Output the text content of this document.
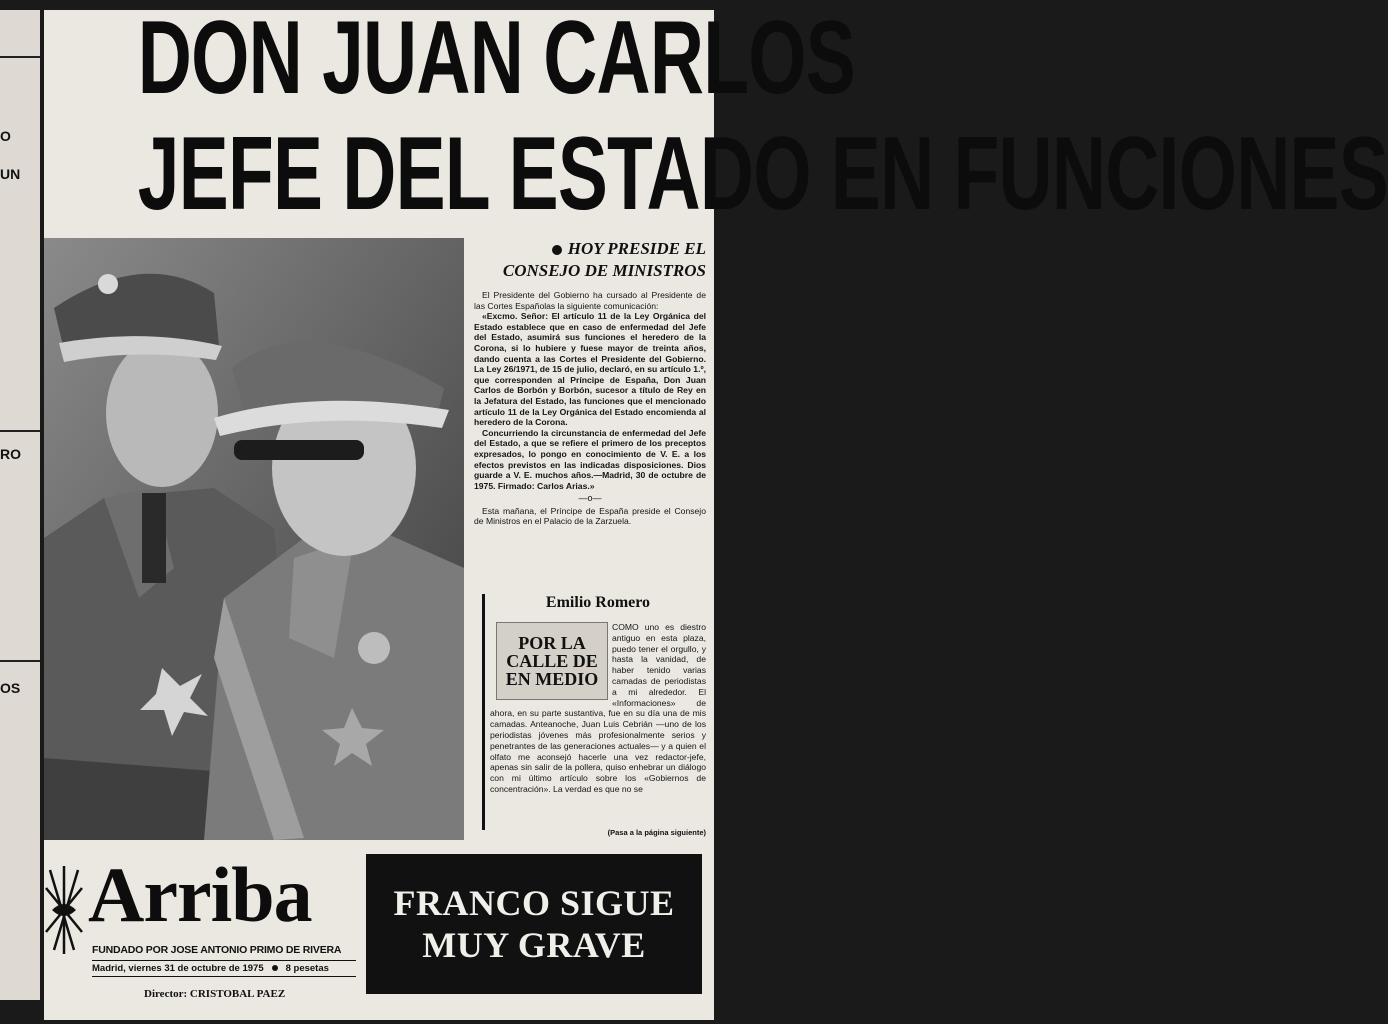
O
UN
RO
OS
DON JUAN CARLOS
JEFE DEL ESTADO EN FUNCIONES
HOY PRESIDE EL
CONSEJO DE MINISTROS

El Presidente del Gobierno ha cursado al Presidente de las Cortes Españolas la siguiente comunicación:

«Excmo. Señor: El artículo 11 de la Ley Orgánica del Estado establece que en caso de enfermedad del Jefe del Estado, asumirá sus funciones el heredero de la Corona, si lo hubiere y fuese mayor de treinta años, dando cuenta a las Cortes el Presidente del Gobierno. La Ley 26/1971, de 15 de julio, declaró, en su artículo 1.º, que corresponden al Príncipe de España, Don Juan Carlos de Borbón y Borbón, sucesor a título de Rey en la Jefatura del Estado, las funciones que el mencionado artículo 11 de la Ley Orgánica del Estado encomienda al heredero de la Corona.

Concurriendo la circunstancia de enfermedad del Jefe del Estado, a que se refiere el primero de los preceptos expresados, lo pongo en conocimiento de V. E. a los efectos previstos en las indicadas disposiciones. Dios guarde a V. E. muchos años.—Madrid, 30 de octubre de 1975. Firmado: Carlos Arias.»

—o—

Esta mañana, el Príncipe de España preside el Consejo de Ministros en el Palacio de la Zarzuela.

Emilio Romero
POR LA
CALLE DE
EN MEDIO
COMO uno es diestro antiguo en esta plaza, puedo tener el orgullo, y hasta la vanidad, de haber tenido varias camadas de periodistas a mi alrededor. El «Informaciones» de ahora, en su parte sustantiva, fue en su día una de mis camadas. Anteanoche, Juan Luis Cebrián —uno de los periodistas jóvenes más profesionalmente serios y penetrantes de las generaciones actuales— y a quien el olfato me aconsejó hacerle una vez redactor-jefe, apenas sin salir de la pollera, quiso enhebrar un diálogo con mi último artículo sobre los «Gobiernos de concentración». La verdad es que no se
(Pasa a la página siguiente)
Arriba
FUNDADO POR JOSE ANTONIO PRIMO DE RIVERA
Madrid, viernes 31 de octubre de 1975 8 pesetas
Director: CRISTOBAL PAEZ
FRANCO SIGUE
MUY GRAVE
